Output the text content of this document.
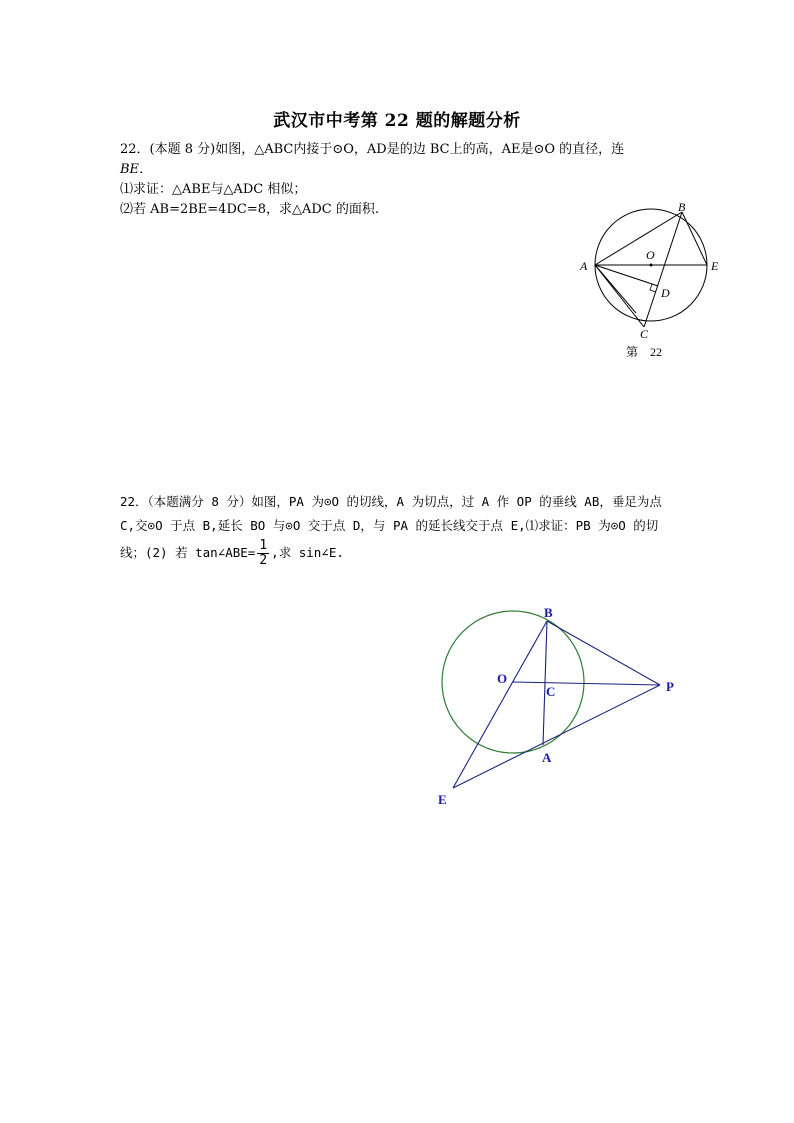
武汉市中考第 22 题的解题分析
22．(本题 8 分)如图，△ABC内接于⊙O，AD是的边 BC上的高，AE是⊙O 的直径，连
BE．
⑴求证：△ABE与△ADC 相似；
⑵若 AB=2BE=4DC=8，求△ADC 的面积.
A
B
C
D
E
O
第    22
22．（本题满分 8 分）如图，PA 为⊙O 的切线，A 为切点，过 A 作 OP 的垂线 AB，垂足为点
C,交⊙O 于点 B,延长 BO 与⊙O 交于点 D，与 PA 的延长线交于点 E,⑴求证：PB 为⊙O 的切
线；(2) 若 tan∠ABE= $\frac{1}{2}$ ,求 sin∠E.
B
O
C	P
A
E
